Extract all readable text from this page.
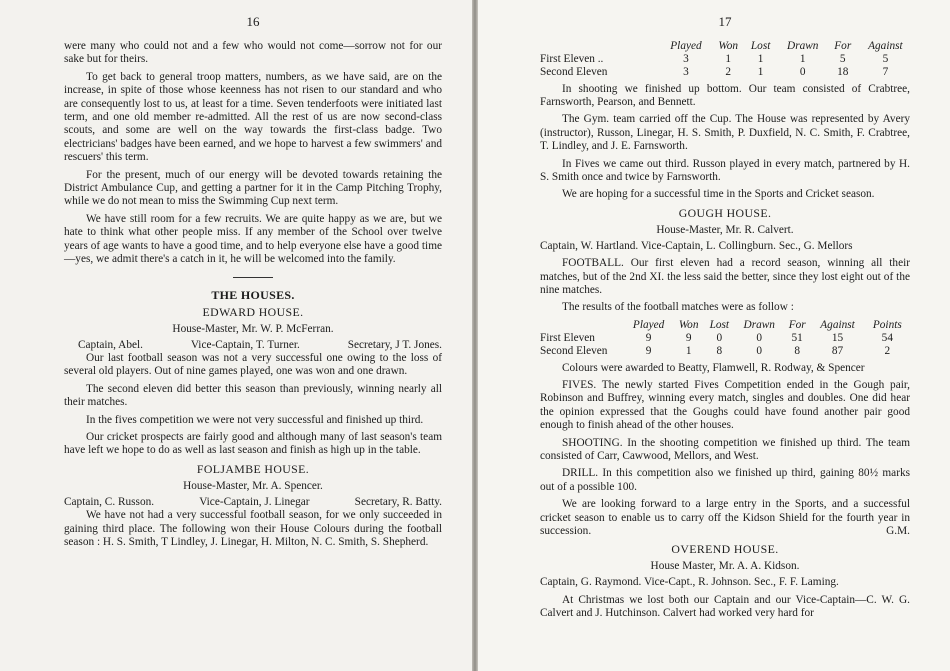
16

were many who could not and a few who would not come—sorrow not for our sake but for theirs.

To get back to general troop matters, numbers, as we have said, are on the increase, in spite of those whose keenness has not risen to our standard and who are consequently lost to us, at least for a time. Seven tenderfoots were initiated last term, and one old member re-admitted. All the rest of us are now second-class scouts, and some are well on the way towards the first-class badge. Two electricians' badges have been earned, and we hope to harvest a few swimmers' and rescuers' this term.

For the present, much of our energy will be devoted towards retaining the District Ambulance Cup, and getting a partner for it in the Camp Pitching Trophy, while we do not mean to miss the Swimming Cup next term.

We have still room for a few recruits. We are quite happy as we are, but we hate to think what other people miss. If any member of the School over twelve years of age wants to have a good time, and to help everyone else have a good time—yes, we admit there's a catch in it, he will be welcomed into the family.

THE HOUSES.
EDWARD HOUSE.
House-Master, Mr. W. P. McFerran.
Captain, Abel.	Vice-Captain, T. Turner.	Secretary, J T. Jones.

Our last football season was not a very successful one owing to the loss of several old players. Out of nine games played, one was won and one drawn.

The second eleven did better this season than previously, winning nearly all their matches.

In the fives competition we were not very successful and finished up third.

Our cricket prospects are fairly good and although many of last season's team have left we hope to do as well as last season and finish as high up in the table.

FOLJAMBE HOUSE.
House-Master, Mr. A. Spencer.
Captain, C. Russon.	Vice-Captain, J. Linegar	Secretary, R. Batty.

We have not had a very successful football season, for we only succeeded in gaining third place. The following won their House Colours during the football season : H. S. Smith, T Lindley, J. Linegar, H. Milton, N. C. Smith, S. Shepherd.

17
	Played	Won	Lost	Drawn	For	Against
First Eleven ..	3	1	1	1	5	5
Second Eleven	3	2	1	0	18	7

In shooting we finished up bottom. Our team consisted of Crabtree, Farnsworth, Pearson, and Bennett.

The Gym. team carried off the Cup. The House was represented by Avery (instructor), Russon, Linegar, H. S. Smith, P. Duxfield, N. C. Smith, F. Crabtree, T. Lindley, and J. E. Farnsworth.

In Fives we came out third. Russon played in every match, partnered by H. S. Smith once and twice by Farnsworth.

We are hoping for a successful time in the Sports and Cricket season.

GOUGH HOUSE.
House-Master, Mr. R. Calvert.

Captain, W. Hartland. Vice-Captain, L. Collingburn. Sec., G. Mellors

FOOTBALL. Our first eleven had a record season, winning all their matches, but of the 2nd XI. the less said the better, since they lost eight out of the nine matches.

The results of the football matches were as follow :

	Played	Won	Lost	Drawn	For	Against	Points
First Eleven	9	9	0	0	51	15	54
Second Eleven	9	1	8	0	8	87	2

Colours were awarded to Beatty, Flamwell, R. Rodway, & Spencer

FIVES. The newly started Fives Competition ended in the Gough pair, Robinson and Buffrey, winning every match, singles and doubles. One did hear the opinion expressed that the Goughs could have found another pair good enough to finish ahead of the other houses.

SHOOTING. In the shooting competition we finished up third. The team consisted of Carr, Cawwood, Mellors, and West.

DRILL. In this competition also we finished up third, gaining 80½ marks out of a possible 100.

We are looking forward to a large entry in the Sports, and a successful cricket season to enable us to carry off the Kidson Shield for the fourth year in succession.	G.M.
OVEREND HOUSE.
House Master, Mr. A. A. Kidson.

Captain, G. Raymond. Vice-Capt., R. Johnson. Sec., F. F. Laming.

At Christmas we lost both our Captain and our Vice-Captain—C. W. G. Calvert and J. Hutchinson. Calvert had worked very hard for
